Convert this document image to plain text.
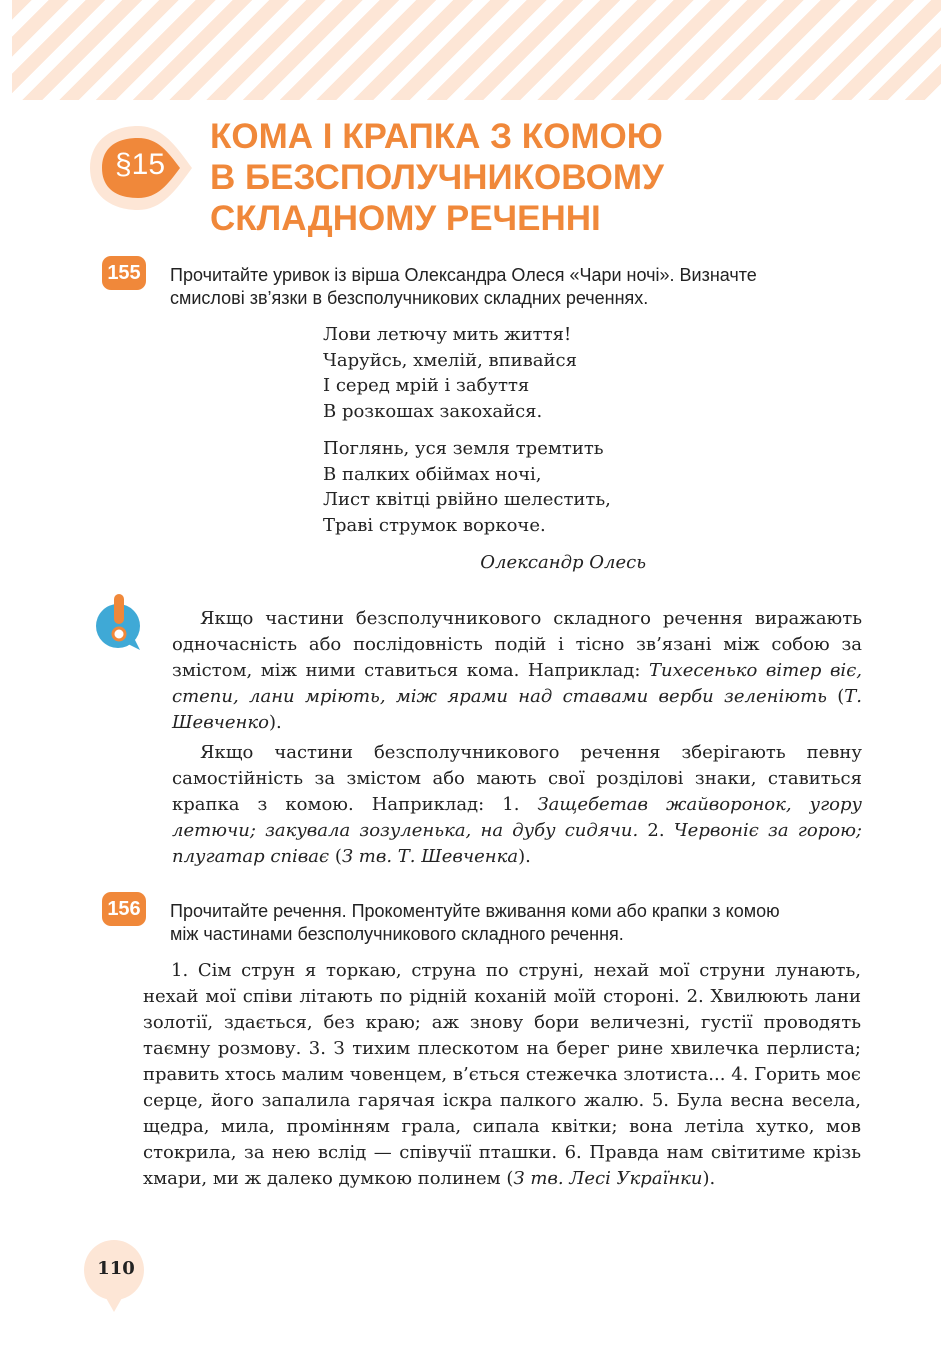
§15
КОМА І КРАПКА З КОМОЮ
В БЕЗСПОЛУЧНИКОВОМУ
СКЛАДНОМУ РЕЧЕННІ
155 Прочитайте уривок із вірша Олександра Олеся «Чари ночі». Визначте
смислові зв’язки в безсполучникових складних реченнях.
Лови летючу мить життя!
Чаруйсь, хмелій, впивайся
І серед мрій і забуття
В розкошах закохайся.
Поглянь, уся земля тремтить
В палких обіймах ночі,
Лист квітці рвійно шелестить,
Траві струмок воркоче.
Олександр Олесь

Якщо частини безсполучникового складного речення виражають одночасність або послідовність подій і тісно зв’язані між собою за змістом, між ними ставиться кома. Наприклад: Тихесенько вітер віє, степи, лани мріють, між ярами над ставами верби зеленіють (Т. Шевченко).

Якщо частини безсполучникового речення зберігають певну самостійність за змістом або мають свої розділові знаки, ставиться крапка з комою. Наприклад: 1. Защебетав жайворонок, угору летючи; закувала зозуленька, на дубу сидячи. 2. Червоніє за горою; плугатар співає (З тв. Т. Шевченка).

156 Прочитайте речення. Прокоментуйте вживання коми або крапки з комою
між частинами безсполучникового складного речення.

1. Сім струн я торкаю, струна по струні, нехай мої струни лунають, нехай мої співи літають по рідній коханій моїй стороні. 2. Хвилюють лани золотії, здається, без краю; аж знову бори величезні, густії проводять таємну розмову. 3. З тихим плескотом на берег рине хвилечка перлиста; править хтось малим човенцем, в’ється стежечка злотиста... 4. Горить моє серце, його запалила гарячая іскра палкого жалю. 5. Була весна весела, щедра, мила, промінням грала, сипала квітки; вона летіла хутко, мов стокрила, за нею вслід — співучії пташки. 6. Правда нам світитиме крізь хмари, ми ж далеко думкою полинем (З тв. Лесі Українки).

110
